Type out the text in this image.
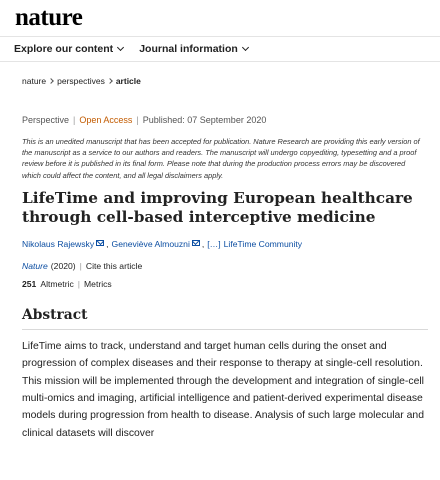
nature
Explore our content Journal information
nature perspectives article
Perspective | Open Access | Published: 07 September 2020

This is an unedited manuscript that has been accepted for publication. Nature Research are providing this early version of the manuscript as a service to our authors and readers. The manuscript will undergo copyediting, typesetting and a proof review before it is published in its final form. Please note that during the production process errors may be discovered which could affect the content, and all legal disclaimers apply.

LifeTime and improving European healthcare through cell-based interceptive medicine
Nikolaus Rajewsky , Geneviève Almouzni , […] LifeTime Community
Nature (2020) | Cite this article
251 Altmetric | Metrics
Abstract

LifeTime aims to track, understand and target human cells during the onset and progression of complex diseases and their response to therapy at single-cell resolution. This mission will be implemented through the development and integration of single-cell multi-omics and imaging, artificial intelligence and patient-derived experimental disease models during progression from health to disease. Analysis of such large molecular and clinical datasets will discover
